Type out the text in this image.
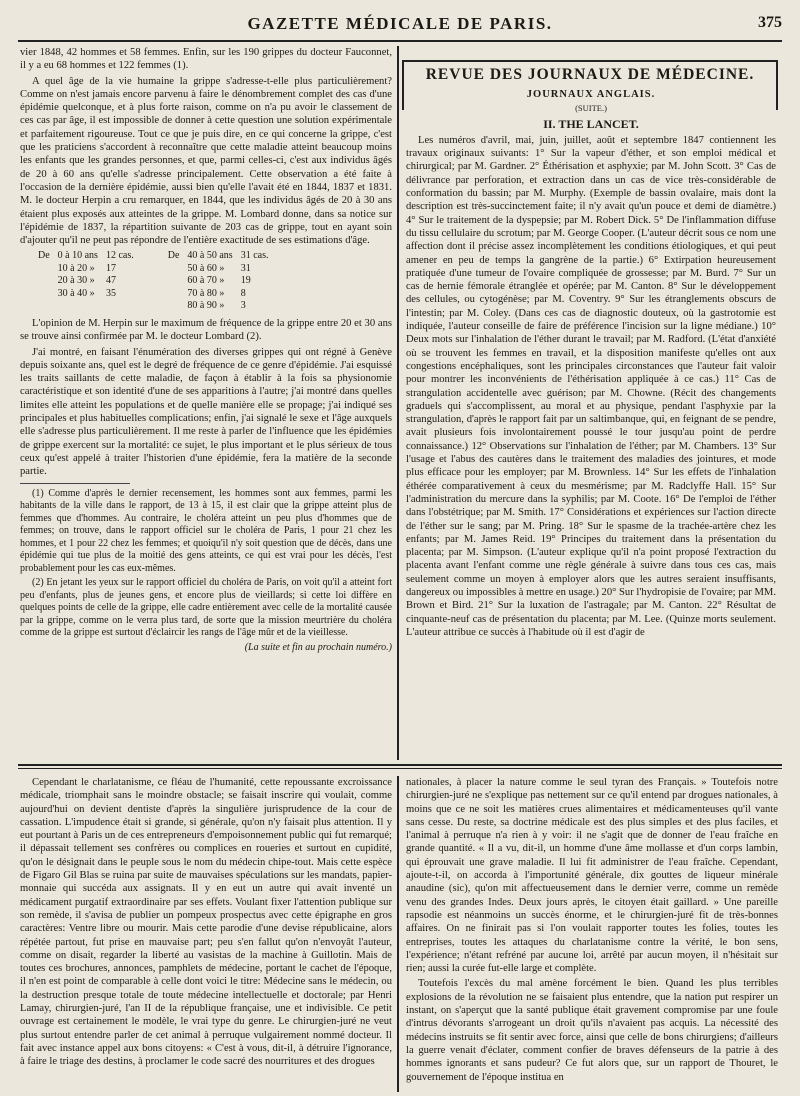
GAZETTE MÉDICALE DE PARIS.	375

vier 1848, 42 hommes et 58 femmes. Enfin, sur les 190 grippes du docteur Fauconnet, il y a eu 68 hommes et 122 femmes (1).

A quel âge de la vie humaine la grippe s'adresse-t-elle plus particulièrement? Comme on n'est jamais encore parvenu à faire le dénombrement complet des cas d'une épidémie quelconque, et à plus forte raison, comme on n'a pu avoir le classement de ces cas par âge, il est impossible de donner à cette question une solution expérimentale et parfaitement rigoureuse. Tout ce que je puis dire, en ce qui concerne la grippe, c'est que les praticiens s'accordent à reconnaître que cette maladie atteint beaucoup moins les enfants que les grandes personnes, et que, parmi celles-ci, c'est aux individus âgés de 20 à 60 ans qu'elle s'adresse principalement. Cette observation a été faite à l'occasion de la dernière épidémie, aussi bien qu'elle l'avait été en 1844, 1837 et 1831. M. le docteur Herpin a cru remarquer, en 1844, que les individus âgés de 20 à 30 ans étaient plus exposés aux atteintes de la grippe. M. Lombard donne, dans sa notice sur l'épidémie de 1837, la répartition suivante de 203 cas de grippe, tout en ayant soin d'ajouter qu'il ne peut pas répondre de l'entière exactitude de ses estimations d'âge.

De	0 à 10 ans	12 cas.	De	40 à 50 ans	31 cas.
	10 à 20 »	17		50 à 60 »	31
	20 à 30 »	47		60 à 70 »	19
	30 à 40 »	35		70 à 80 »	8
				80 à 90 »	3

L'opinion de M. Herpin sur le maximum de fréquence de la grippe entre 20 et 30 ans se trouve ainsi confirmée par M. le docteur Lombard (2).

J'ai montré, en faisant l'énumération des diverses grippes qui ont régné à Genève depuis soixante ans, quel est le degré de fréquence de ce genre d'épidémie. J'ai esquissé les traits saillants de cette maladie, de façon à établir à la fois sa physionomie caractéristique et son identité d'une de ses apparitions à l'autre; j'ai montré dans quelles limites elle atteint les populations et de quelle manière elle se propage; j'ai indiqué ses principales et plus habituelles complications; enfin, j'ai signalé le sexe et l'âge auxquels elle s'adresse plus particulièrement. Il me reste à parler de l'influence que les épidémies de grippe exercent sur la mortalité: ce sujet, le plus important et le plus sérieux de tous ceux qu'est appelé à traiter l'historien d'une épidémie, fera la matière de la seconde partie.

(1) Comme d'après le dernier recensement, les hommes sont aux femmes, parmi les habitants de la ville dans le rapport, de 13 à 15, il est clair que la grippe atteint plus de femmes que d'hommes. Au contraire, le choléra atteint un peu plus d'hommes que de femmes; on trouve, dans le rapport officiel sur le choléra de Paris, 1 pour 21 chez les hommes, et 1 pour 22 chez les femmes; et quoiqu'il n'y soit question que de décès, dans une épidémie qui tue plus de la moitié des gens atteints, ce qui est vrai pour les décès, l'est probablement pour les cas eux-mêmes.

(2) En jetant les yeux sur le rapport officiel du choléra de Paris, on voit qu'il a atteint fort peu d'enfants, plus de jeunes gens, et encore plus de vieillards; si cette loi diffère en quelques points de celle de la grippe, elle cadre entièrement avec celle de la mortalité causée par la grippe, comme on le verra plus tard, de sorte que la mission meurtrière du choléra comme de la grippe est surtout d'éclaircir les rangs de l'âge mûr et de la vieillesse.

(La suite et fin au prochain numéro.)

REVUE DES JOURNAUX DE MÉDECINE.
JOURNAUX ANGLAIS.
(SUITE.)
II. THE LANCET.

Les numéros d'avril, mai, juin, juillet, août et septembre 1847 contiennent les travaux originaux suivants: 1° Sur la vapeur d'éther, et son emploi médical et chirurgical; par M. Gardner. 2° Éthérisation et asphyxie; par M. John Scott. 3° Cas de délivrance par perforation, et extraction dans un cas de vice très-considérable de conformation du bassin; par M. Murphy. (Exemple de bassin ovalaire, mais dont la description est très-succinctement faite; il n'y avait qu'un pouce et demi de diamètre.) 4° Sur le traitement de la dyspepsie; par M. Robert Dick. 5° De l'inflammation diffuse du tissu cellulaire du scrotum; par M. George Cooper. (L'auteur décrit sous ce nom une affection dont il précise assez incomplètement les conditions étiologiques, et qui peut amener en peu de temps la gangrène de la partie.) 6° Extirpation heureusement pratiquée d'une tumeur de l'ovaire compliquée de grossesse; par M. Burd. 7° Sur un cas de hernie fémorale étranglée et opérée; par M. Canton. 8° Sur le développement des cellules, ou cytogénèse; par M. Coventry. 9° Sur les étranglements obscurs de l'intestin; par M. Coley. (Dans ces cas de diagnostic douteux, où la gastrotomie est indiquée, l'auteur conseille de faire de préférence l'incision sur la ligne médiane.) 10° Deux mots sur l'inhalation de l'éther durant le travail; par M. Radford. (L'état d'anxiété où se trouvent les femmes en travail, et la disposition manifeste qu'elles ont aux congestions encéphaliques, sont les principales circonstances que l'auteur fait valoir pour montrer les inconvénients de l'éthérisation appliquée à ce cas.) 11° Cas de strangulation accidentelle avec guérison; par M. Chowne. (Récit des changements graduels qui s'accomplissent, au moral et au physique, pendant l'asphyxie par la strangulation, d'après le rapport fait par un saltimbanque, qui, en feignant de se pendre, avait plusieurs fois involontairement poussé le tour jusqu'au point de perdre connaissance.) 12° Observations sur l'inhalation de l'éther; par M. Chambers. 13° Sur l'usage et l'abus des cautères dans le traitement des maladies des jointures, et mode plus efficace pour les employer; par M. Brownless. 14° Sur les effets de l'inhalation éthérée comparativement à ceux du mesmérisme; par M. Radclyffe Hall. 15° Sur l'administration du mercure dans la syphilis; par M. Coote. 16° De l'emploi de l'éther dans l'obstétrique; par M. Smith. 17° Considérations et expériences sur l'action directe de l'éther sur le sang; par M. Pring. 18° Sur le spasme de la trachée-artère chez les enfants; par M. James Reid. 19° Principes du traitement dans la présentation du placenta; par M. Simpson. (L'auteur explique qu'il n'a point proposé l'extraction du placenta avant l'enfant comme une règle générale à suivre dans tous ces cas, mais seulement comme un moyen à employer alors que les autres seraient insuffisants, dangereux ou impossibles à mettre en usage.) 20° Sur l'hydropisie de l'ovaire; par MM. Brown et Bird. 21° Sur la luxation de l'astragale; par M. Canton. 22° Résultat de cinquante-neuf cas de présentation du placenta; par M. Lee. (Quinze morts seulement. L'auteur attribue ce succès à l'habitude où il est d'agir de

Cependant le charlatanisme, ce fléau de l'humanité, cette repoussante excroissance médicale, triomphait sans le moindre obstacle; se faisait inscrire qui voulait, comme aujourd'hui on devient dentiste d'après la singulière jurisprudence de la cour de cassation. L'impudence était si grande, si générale, qu'on n'y faisait plus attention. Il y eut pourtant à Paris un de ces entrepreneurs d'empoisonnement public qui fut remarqué; il dépassait tellement ses confrères ou complices en roueries et surtout en cupidité, qu'on le désignait dans le peuple sous le nom du médecin chipe-tout. Mais cette espèce de Figaro Gil Blas se ruina par suite de mauvaises spéculations sur les mandats, papier-monnaie qui succéda aux assignats. Il y en eut un autre qui avait inventé un médicament purgatif extraordinaire par ses effets. Voulant fixer l'attention publique sur son remède, il s'avisa de publier un pompeux prospectus avec cette épigraphe en gros caractères: Ventre libre ou mourir. Mais cette parodie d'une devise républicaine, alors répétée partout, fut prise en mauvaise part; peu s'en fallut qu'on n'envoyât l'auteur, comme on disait, regarder la liberté au vasistas de la machine à Guillotin. Mais de toutes ces brochures, annonces, pamphlets de médecine, portant le cachet de l'époque, il n'en est point de comparable à celle dont voici le titre: Médecine sans le médecin, ou la destruction presque totale de toute médecine intellectuelle et doctorale; par Henri Lamay, chirurgien-juré, l'an II de la république française, une et indivisible. Ce petit ouvrage est certainement le modèle, le vrai type du genre. Le chirurgien-juré ne veut plus surtout entendre parler de cet animal à perruque vulgairement nommé docteur. Il fait avec instance appel aux bons citoyens: « C'est à vous, dit-il, à détruire l'ignorance, à faire le triage des destins, à proclamer le code sacré des nourritures et des drogues

nationales, à placer la nature comme le seul tyran des Français. » Toutefois notre chirurgien-juré ne s'explique pas nettement sur ce qu'il entend par drogues nationales, à moins que ce ne soit les matières crues alimentaires et médicamenteuses qu'il vante sans cesse. Du reste, sa doctrine médicale est des plus simples et des plus faciles, et l'animal à perruque n'a rien à y voir: il ne s'agit que de donner de l'eau fraîche en grande quantité. « Il a vu, dit-il, un homme d'une âme mollasse et d'un corps lambin, qui éprouvait une grave maladie. Il lui fit administrer de l'eau fraîche. Cependant, ajoute-t-il, on accorda à l'importunité générale, dix gouttes de liqueur minérale anaudine (sic), qu'on mit affectueusement dans le dernier verre, comme un remède venu des grandes Indes. Deux jours après, le citoyen était gaillard. » Une pareille rapsodie est néanmoins un succès énorme, et le chirurgien-juré fit de très-bonnes affaires. On ne finirait pas si l'on voulait rapporter toutes les folies, toutes les entreprises, toutes les attaques du charlatanisme contre la vérité, le bon sens, l'expérience; n'étant refréné par aucune loi, arrêté par aucun moyen, il n'hésitait sur rien; aussi la curée fut-elle large et complète.

Toutefois l'excès du mal amène forcément le bien. Quand les plus terribles explosions de la révolution ne se faisaient plus entendre, que la nation put respirer un instant, on s'aperçut que la santé publique était gravement compromise par une foule d'intrus dévorants s'arrogeant un droit qu'ils n'avaient pas acquis. La nécessité des médecins instruits se fit sentir avec force, ainsi que celle de bons chirurgiens; d'ailleurs la guerre venait d'éclater, comment confier de braves défenseurs de la patrie à des hommes ignorants et sans pudeur? Ce fut alors que, sur un rapport de Thouret, le gouvernement de l'époque institua en
